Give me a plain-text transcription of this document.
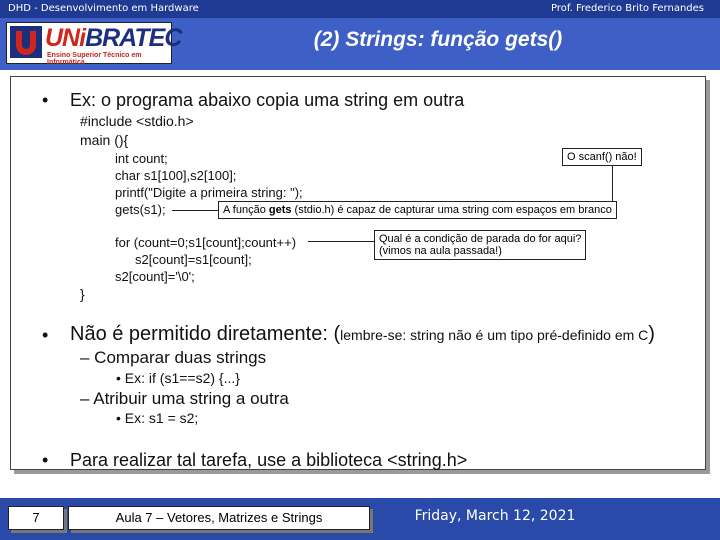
DHD - Desenvolvimento em Hardware	Prof. Frederico Brito Fernandes
UNiBRATEC
Ensino Superior Técnico em Informática
(2) Strings: função gets()
• Ex: o programa abaixo copia uma string em outra
#include <stdio.h>
main (){
int count;
char s1[100],s2[100];
printf("Digite a primeira string: ");
gets(s1);
for (count=0;s1[count];count++)
s2[count]=s1[count];
s2[count]='\0';
}
O scanf() não!
A função gets (stdio.h) é capaz de capturar uma string com espaços em branco
Qual é a condição de parada do for aqui?
(vimos na aula passada!)
• Não é permitido diretamente: (lembre-se: string não é um tipo pré-definido em C)
– Comparar duas strings
• Ex: if (s1==s2) {...}
– Atribuir uma string a outra
• Ex: s1 = s2;
• Para realizar tal tarefa, use a biblioteca <string.h>
7	Aula 7 – Vetores, Matrizes e Strings	Friday, March 12, 2021
